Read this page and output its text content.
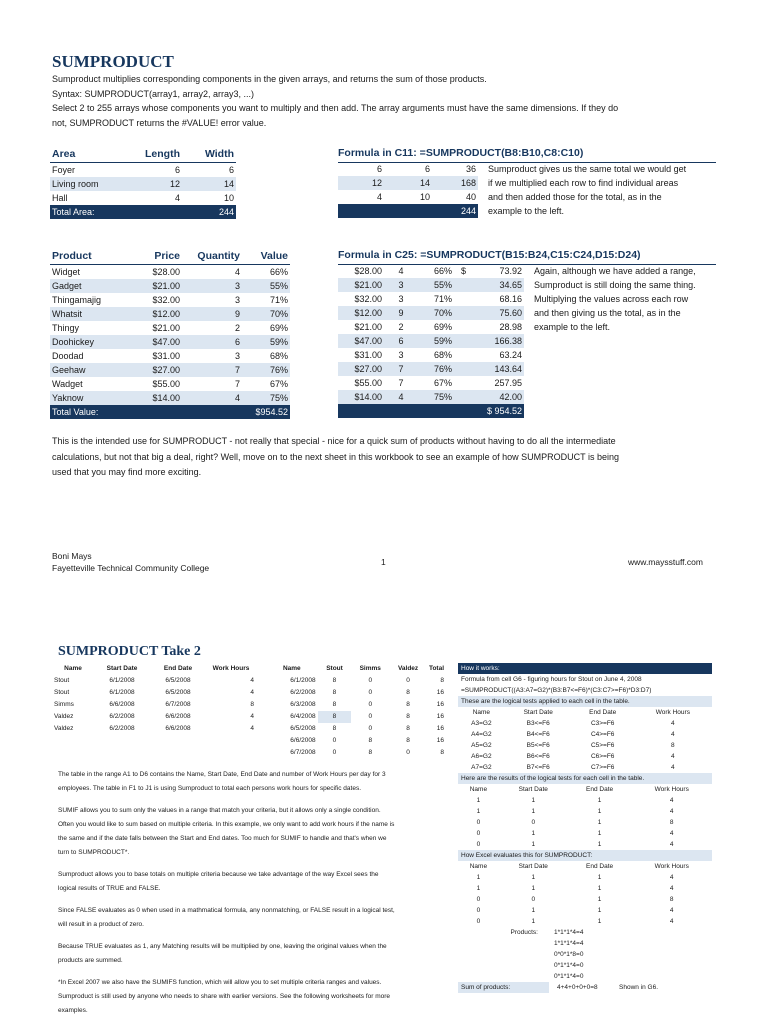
SUMPRODUCT

Sumproduct multiplies corresponding components in the given arrays, and returns the sum of those products.

Syntax: SUMPRODUCT(array1, array2, array3, ...)

Select 2 to 255 arrays whose components you want to multiply and then add. The array arguments must have the same dimensions. If they do

not, SUMPRODUCT returns the #VALUE! error value.

Area	Length	Width
Foyer	6	6
Living room	12	14
Hall	4	10
Total Area:		244
Formula in C11: =SUMPRODUCT(B8:B10,C8:C10)
6	6	36
12	14	168
4	10	40
		244
Sumproduct gives us the same total we would get
if we multiplied each row to find individual areas
and then added those for the total, as in the
example to the left.
Product	Price	Quantity	Value
Widget	$28.00	4	66%
Gadget	$21.00	3	55%
Thingamajig	$32.00	3	71%
Whatsit	$12.00	9	70%
Thingy	$21.00	2	69%
Doohickey	$47.00	6	59%
Doodad	$31.00	3	68%
Geehaw	$27.00	7	76%
Wadget	$55.00	7	67%
Yaknow	$14.00	4	75%
Total Value:			$954.52
Formula in C25: =SUMPRODUCT(B15:B24,C15:C24,D15:D24)
$28.00	4	66%	$	73.92
$21.00	3	55%		34.65
$32.00	3	71%		68.16
$12.00	9	70%		75.60
$21.00	2	69%		28.98
$47.00	6	59%		166.38
$31.00	3	68%		63.24
$27.00	7	76%		143.64
$55.00	7	67%		257.95
$14.00	4	75%		42.00
				$ 954.52
Again, although we have added a range,
Sumproduct is still doing the same thing.
Multiplying the values across each row
and then giving us the total, as in the
example to the left.
This is the intended use for SUMPRODUCT - not really that special - nice for a quick sum of products without having to do all the intermediate
calculations, but not that big a deal, right? Well, move on to the next sheet in this workbook to see an example of how SUMPRODUCT is being
used that you may find more exciting.
Boni Mays
Fayetteville Technical Community College
1	www.maysstuff.com
SUMPRODUCT Take 2
Name	Start Date	End Date	Work Hours
Stout	6/1/2008	6/5/2008	4
Stout	6/1/2008	6/5/2008	4
Simms	6/6/2008	6/7/2008	8
Valdez	6/2/2008	6/6/2008	4
Valdez	6/2/2008	6/6/2008	4
Name	Stout	Simms	Valdez	Total
6/1/2008	8	0	0	8
6/2/2008	8	0	8	16
6/3/2008	8	0	8	16
6/4/2008	8	0	8	16
6/5/2008	8	0	8	16
6/6/2008	0	8	8	16
6/7/2008	0	8	0	8

The table in the range A1 to D6 contains the Name, Start Date, End Date and number of Work Hours per day for 3 employees. The table in F1 to J1 is using Sumproduct to total each persons work hours for specific dates.

SUMIF allows you to sum only the values in a range that match your criteria, but it allows only a single condition. Often you would like to sum based on multiple criteria. In this example, we only want to add work hours if the name is the same and if the date falls between the Start and End dates. Too much for SUMIF to handle and that's when we turn to SUMPRODUCT*.

Sumproduct allows you to base totals on multiple criteria because we take advantage of the way Excel sees the logical results of TRUE and FALSE.

Since FALSE evaluates as 0 when used in a mathmatical formula, any nonmatching, or FALSE result in a logical test, will result in a product of zero.

Because TRUE evaluates as 1, any Matching results will be multiplied by one, leaving the original values when the products are summed.

*In Excel 2007 we also have the SUMIFS function, which will allow you to set multiple criteria ranges and values. Sumproduct is still used by anyone who needs to share with earlier versions. See the following worksheets for more examples.

How it works:
Formula from cell G6 - figuring hours for Stout on June 4, 2008
=SUMPRODUCT((A3:A7=G2)*(B3:B7<=F6)*(C3:C7>=F6)*D3:D7)
These are the logical tests applied to each cell in the table.
Name	Start Date	End Date	Work Hours
A3=G2	B3<=F6	C3>=F6	4
A4=G2	B4<=F6	C4>=F6	4
A5=G2	B5<=F6	C5>=F6	8
A6=G2	B6<=F6	C6>=F6	4
A7=G2	B7<=F6	C7>=F6	4
Here are the results of the logical tests for each cell in the table.
Name	Start Date	End Date	Work Hours
1	1	1	4
1	1	1	4
0	0	1	8
0	1	1	4
0	1	1	4
How Excel evaluates this for SUMPRODUCT:
Name	Start Date	End Date	Work Hours
1	1	1	4
1	1	1	4
0	0	1	8
0	1	1	4
0	1	1	4
Products:	1*1*1*4=4
	1*1*1*4=4
	0*0*1*8=0
	0*1*1*4=0
	0*1*1*4=0
Sum of products:	4+4+0+0+0=8	Shown in G6.
